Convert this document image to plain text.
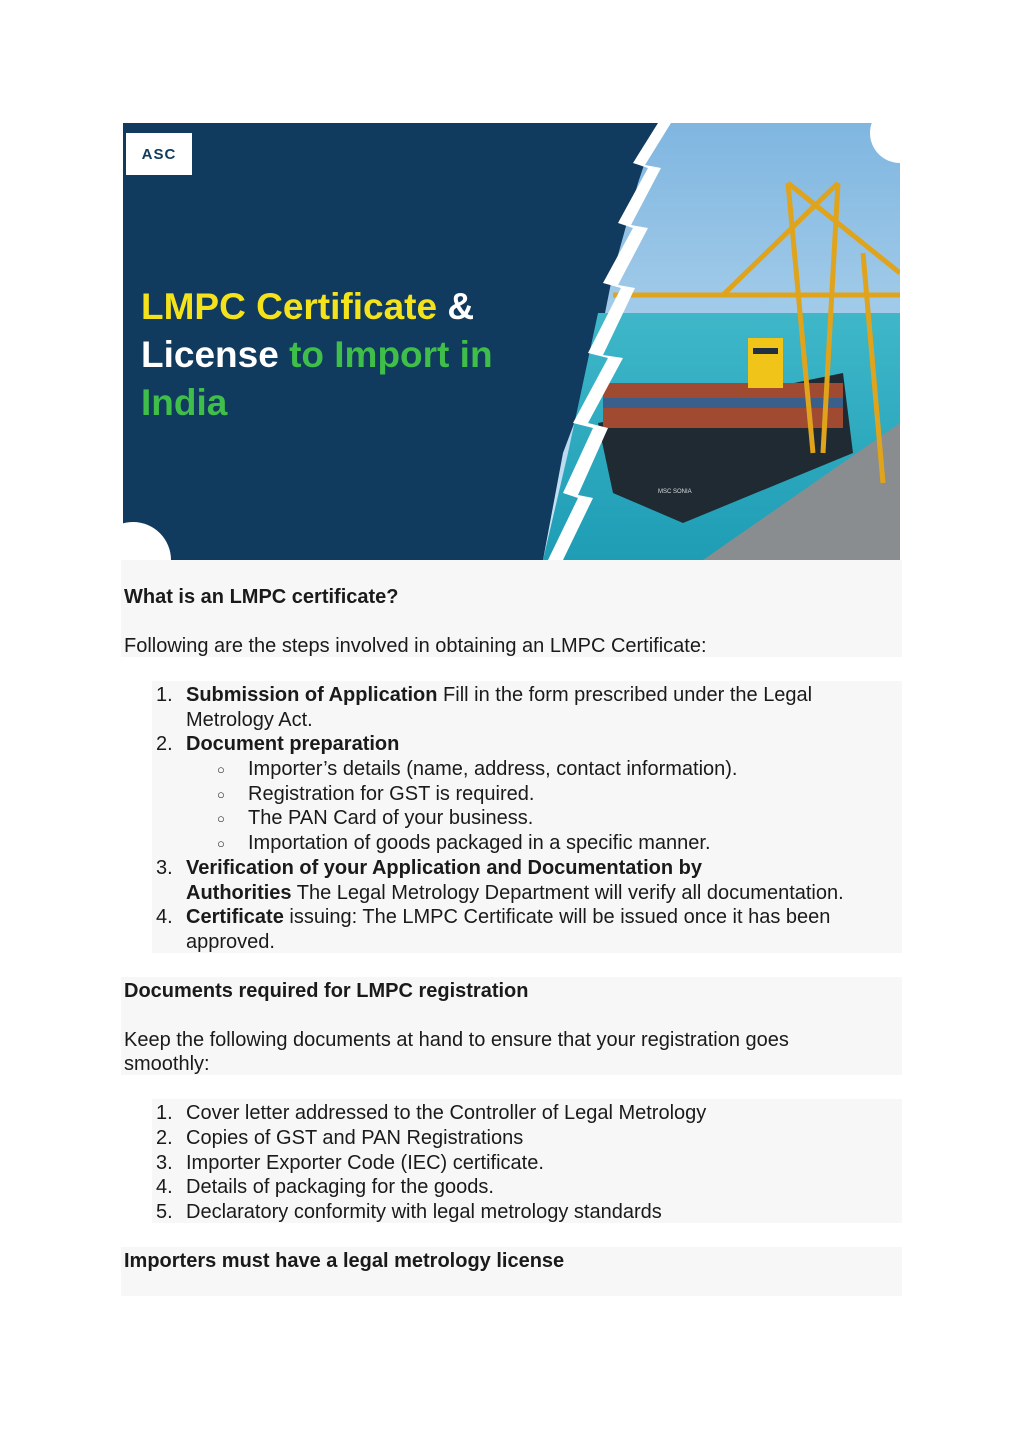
MSC SONIA
ASC
LMPC Certificate &
License to Import in
India
What is an LMPC certificate?
Following are the steps involved in obtaining an LMPC Certificate:
1. Submission of Application Fill in the form prescribed under the Legal
Metrology Act.
2. Document preparation
○ Importer’s details (name, address, contact information).
○ Registration for GST is required.
○ The PAN Card of your business.
○ Importation of goods packaged in a specific manner.
3. Verification of your Application and Documentation by
Authorities The Legal Metrology Department will verify all documentation.
4. Certificate issuing: The LMPC Certificate will be issued once it has been
approved.
Documents required for LMPC registration
Keep the following documents at hand to ensure that your registration goes
smoothly:
1. Cover letter addressed to the Controller of Legal Metrology
2. Copies of GST and PAN Registrations
3. Importer Exporter Code (IEC) certificate.
4. Details of packaging for the goods.
5. Declaratory conformity with legal metrology standards
Importers must have a legal metrology license
